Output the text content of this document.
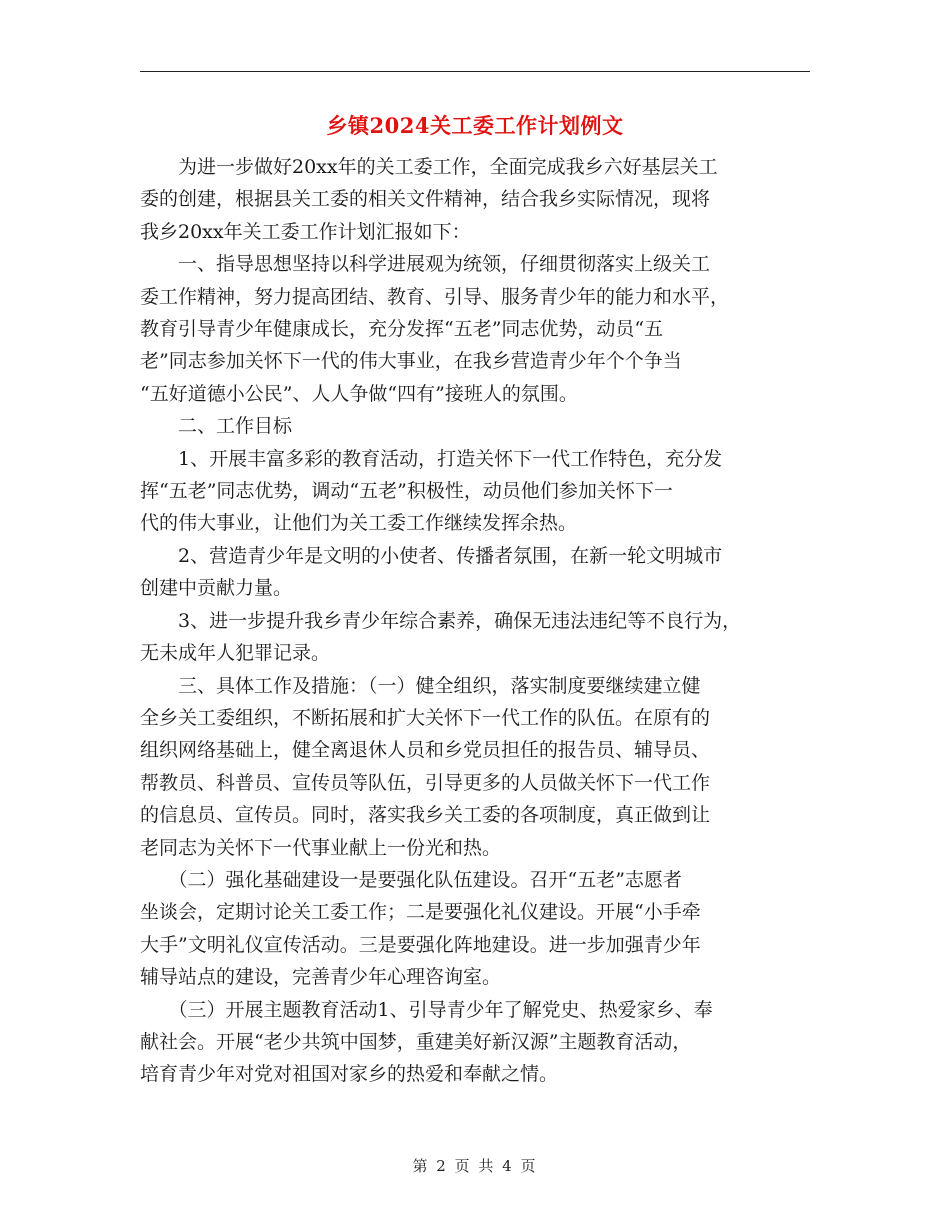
乡镇2024关工委工作计划例文

　　为进一步做好20xx年的关工委工作，全面完成我乡六好基层关工
委的创建，根据县关工委的相关文件精神，结合我乡实际情况，现将
我乡20xx年关工委工作计划汇报如下：

　　一、指导思想坚持以科学进展观为统领，仔细贯彻落实上级关工
委工作精神，努力提高团结、教育、引导、服务青少年的能力和水平，
教育引导青少年健康成长，充分发挥“五老”同志优势，动员“五
老”同志参加关怀下一代的伟大事业，在我乡营造青少年个个争当
“五好道德小公民”、人人争做“四有”接班人的氛围。

　　二、工作目标

　　1、开展丰富多彩的教育活动，打造关怀下一代工作特色，充分发
挥“五老”同志优势，调动“五老”积极性，动员他们参加关怀下一
代的伟大事业，让他们为关工委工作继续发挥余热。

　　2、营造青少年是文明的小使者、传播者氛围，在新一轮文明城市
创建中贡献力量。

　　3、进一步提升我乡青少年综合素养，确保无违法违纪等不良行为，
无未成年人犯罪记录。

　　三、具体工作及措施：（一）健全组织，落实制度要继续建立健
全乡关工委组织，不断拓展和扩大关怀下一代工作的队伍。在原有的
组织网络基础上，健全离退休人员和乡党员担任的报告员、辅导员、
帮教员、科普员、宣传员等队伍，引导更多的人员做关怀下一代工作
的信息员、宣传员。同时，落实我乡关工委的各项制度，真正做到让
老同志为关怀下一代事业献上一份光和热。

　　（二）强化基础建设一是要强化队伍建设。召开“五老”志愿者
坐谈会，定期讨论关工委工作；二是要强化礼仪建设。开展“小手牵
大手”文明礼仪宣传活动。三是要强化阵地建设。进一步加强青少年
辅导站点的建设，完善青少年心理咨询室。

　　（三）开展主题教育活动1、引导青少年了解党史、热爱家乡、奉
献社会。开展“老少共筑中国梦，重建美好新汉源”主题教育活动，
培育青少年对党对祖国对家乡的热爱和奉献之情。

第 2 页 共 4 页
